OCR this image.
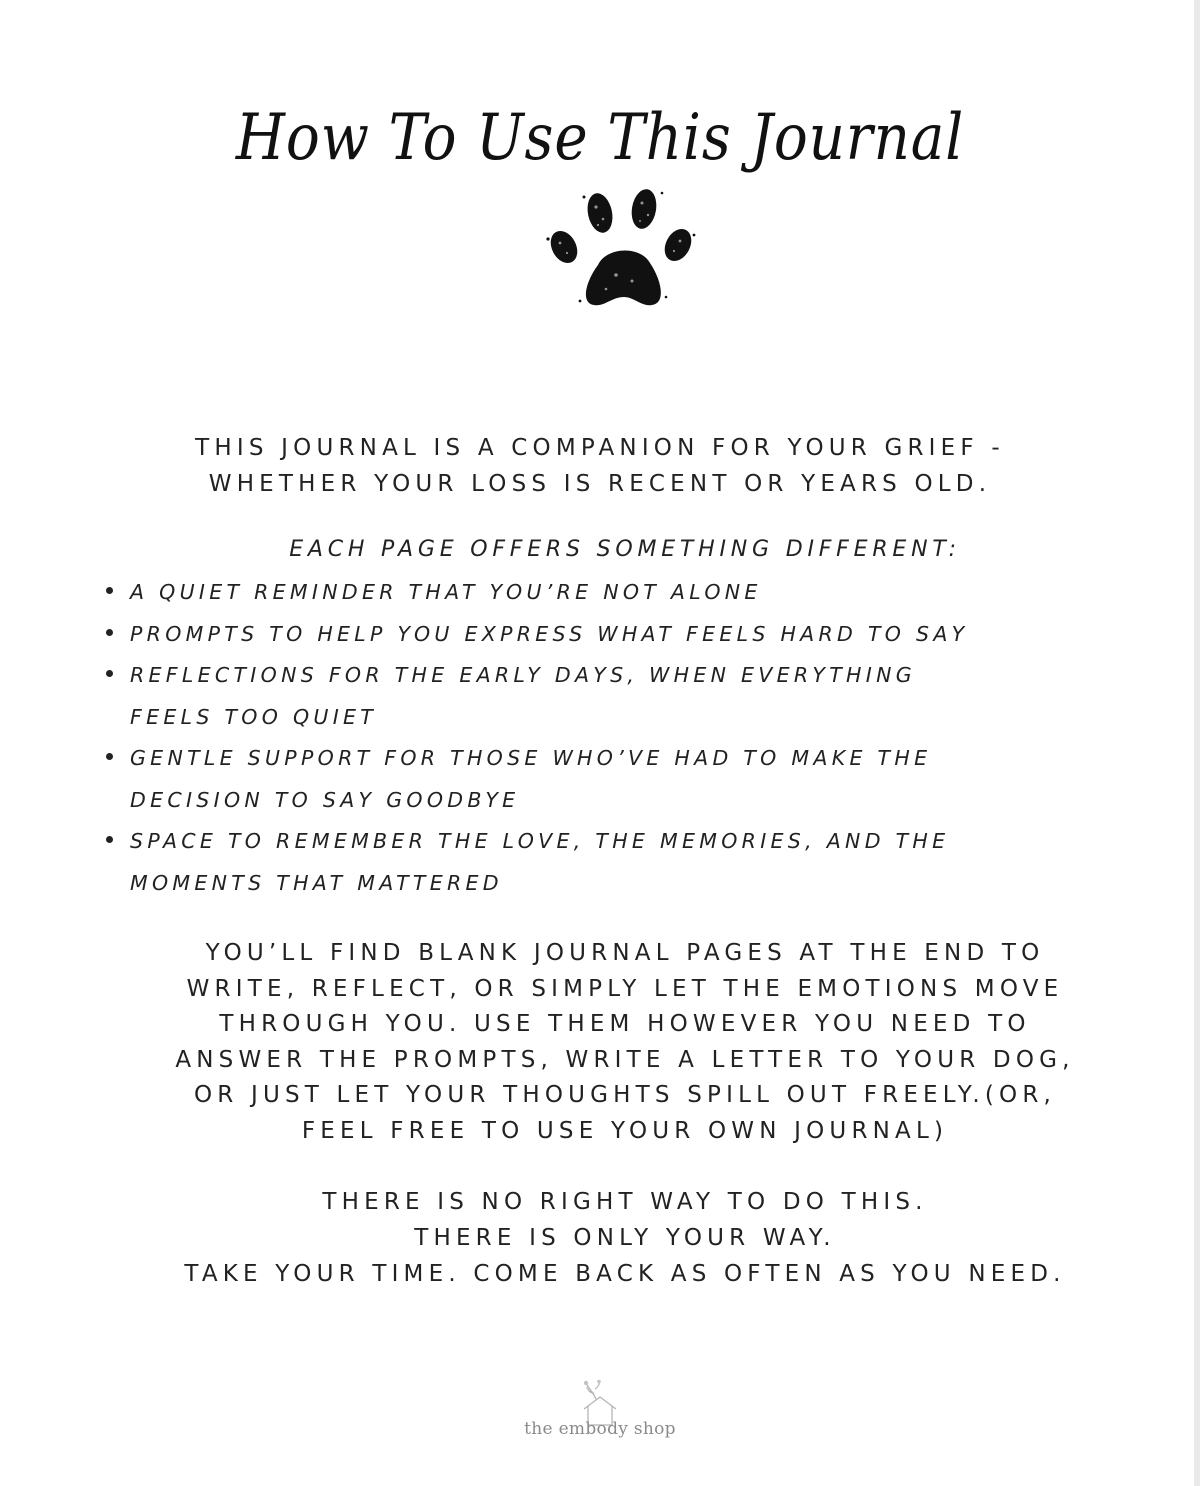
How To Use This Journal

THIS JOURNAL IS A COMPANION FOR YOUR GRIEF -

WHETHER YOUR LOSS IS RECENT OR YEARS OLD.

EACH PAGE OFFERS SOMETHING DIFFERENT:
A QUIET REMINDER THAT YOU’RE NOT ALONE
PROMPTS TO HELP YOU EXPRESS WHAT FEELS HARD TO SAY
REFLECTIONS FOR THE EARLY DAYS, WHEN EVERYTHING
FEELS TOO QUIET
GENTLE SUPPORT FOR THOSE WHO’VE HAD TO MAKE THE
DECISION TO SAY GOODBYE
SPACE TO REMEMBER THE LOVE, THE MEMORIES, AND THE
MOMENTS THAT MATTERED
YOU’LL FIND BLANK JOURNAL PAGES AT THE END TO
WRITE, REFLECT, OR SIMPLY LET THE EMOTIONS MOVE
THROUGH YOU. USE THEM HOWEVER YOU NEED TO
ANSWER THE PROMPTS, WRITE A LETTER TO YOUR DOG,
OR JUST LET YOUR THOUGHTS SPILL OUT FREELY.(OR,
FEEL FREE TO USE YOUR OWN JOURNAL)
THERE IS NO RIGHT WAY TO DO THIS.
THERE IS ONLY YOUR WAY.
TAKE YOUR TIME. COME BACK AS OFTEN AS YOU NEED.
the embody shop
